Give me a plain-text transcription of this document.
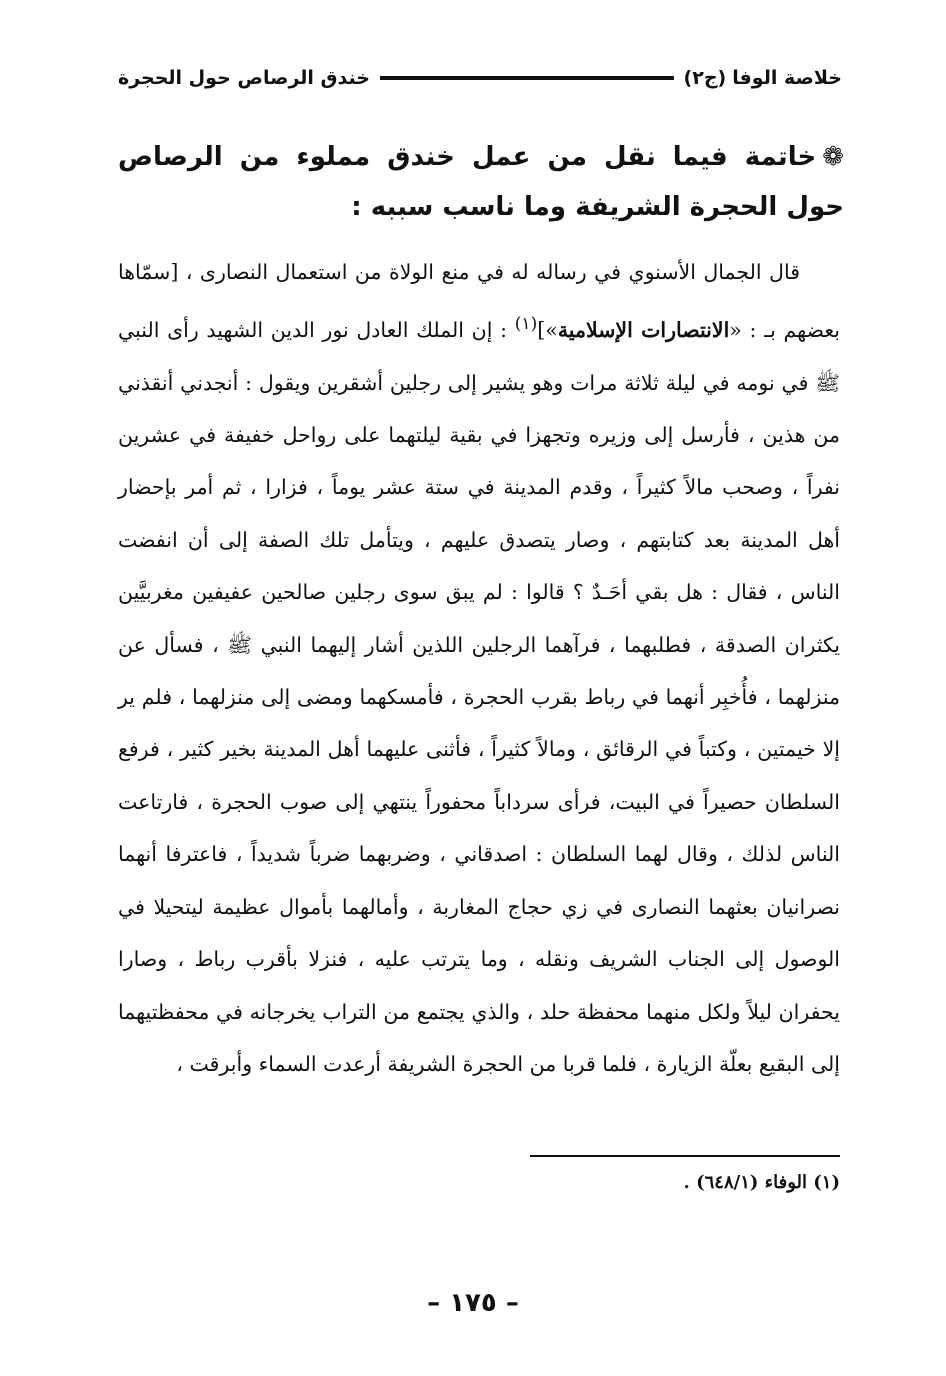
خلاصة الوفا
(ج٢)
خندق الرصاص حول الحجرة
❁خاتمة فيما نقل من عمل خندق مملوء من الرصاص حول الحجرة الشريفة وما ناسب سببه :

قال الجمال الأسنوي في رساله له في منع الولاة من استعمال النصارى ، [سمّاها بعضهم بـ : «الانتصارات الإسلامية»]$^{(١)}$ : إن الملك العادل نور الدين الشهيد رأى النبي ﷺ في نومه في ليلة ثلاثة مرات وهو يشير إلى رجلين أشقرين ويقول : أنجدني أنقذني من هذين ، فأرسل إلى وزيره وتجهزا في بقية ليلتهما على رواحل خفيفة في عشرين نفراً ، وصحب مالاً كثيراً ، وقدم المدينة في ستة عشر يوماً ، فزارا ، ثم أمر بإحضار أهل المدينة بعد كتابتهم ، وصار يتصدق عليهم ، ويتأمل تلك الصفة إلى أن انفضت الناس ، فقال : هل بقي أحَـدٌ ؟ قالوا : لم يبق سوى رجلين صالحين عفيفين مغربيَّين يكثران الصدقة ، فطلبهما ، فرآهما الرجلين اللذين أشار إليهما النبي ﷺ ، فسأل عن منزلهما ، فأُخبِر أنهما في رباط بقرب الحجرة ، فأمسكهما ومضى إلى منزلهما ، فلم ير إلا خيمتين ، وكتباً في الرقائق ، ومالاً كثيراً ، فأثنى عليهما أهل المدينة بخير كثير ، فرفع السلطان حصيراً في البيت، فرأى سرداباً محفوراً ينتهي إلى صوب الحجرة ، فارتاعت الناس لذلك ، وقال لهما السلطان : اصدقاني ، وضربهما ضرباً شديداً ، فاعترفا أنهما نصرانيان بعثهما النصارى في زي حجاج المغاربة ، وأمالهما بأموال عظيمة ليتحيلا في الوصول إلى الجناب الشريف ونقله ، وما يترتب عليه ، فنزلا بأقرب رباط ، وصارا يحفران ليلاً ولكل منهما محفظة حلد ، والذي يجتمع من التراب يخرجانه في محفظتيهما إلى البقيع بعلّة الزيارة ، فلما قربا من الحجرة الشريفة أرعدت السماء وأبرقت ،

(١) الوفاء (٦٤٨/١) .
– ١٧٥ –
